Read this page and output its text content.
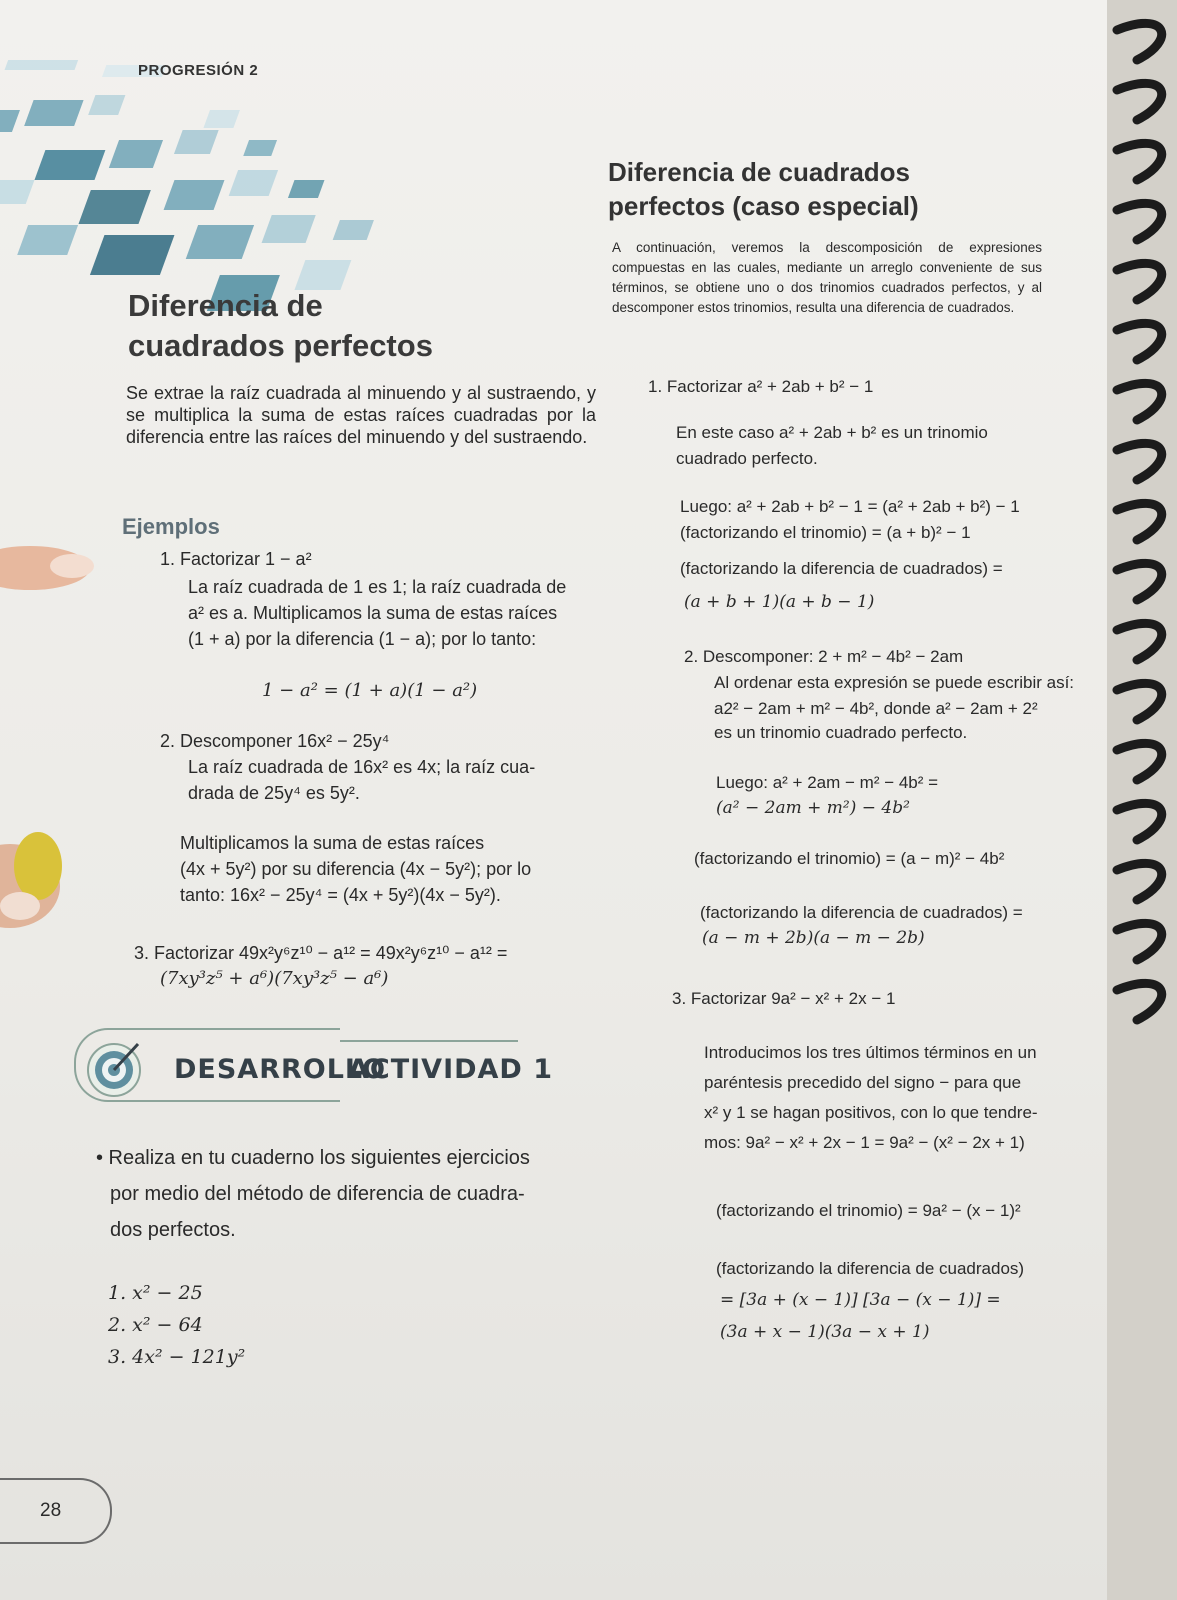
PROGRESIÓN 2
Diferencia de
cuadrados perfectos
Se extrae la raíz cuadrada al minuendo y al sustraendo, y se multiplica la suma de estas raíces cuadradas por la diferencia entre las raíces del minuendo y del sustraendo.
Ejemplos
1. Factorizar 1 − a²
La raíz cuadrada de 1 es 1; la raíz cuadrada de
a² es a. Multiplicamos la suma de estas raíces
(1 + a) por la diferencia (1 − a); por lo tanto:
1 − a² = (1 + a)(1 − a²)
2. Descomponer 16x² − 25y⁴
La raíz cuadrada de 16x² es 4x; la raíz cua-
drada de 25y⁴ es 5y².
Multiplicamos la suma de estas raíces
(4x + 5y²) por su diferencia (4x − 5y²); por lo
tanto: 16x² − 25y⁴ = (4x + 5y²)(4x − 5y²).
3. Factorizar 49x²y⁶z¹⁰ − a¹² = 49x²y⁶z¹⁰ − a¹² =
(7xy³z⁵ + a⁶)(7xy³z⁵ − a⁶)
Diferencia de cuadrados
perfectos (caso especial)
A continuación, veremos la descomposición de expresiones compuestas en las cuales, mediante un arreglo conveniente de sus términos, se obtiene uno o dos trinomios cuadrados perfectos, y al descomponer estos trinomios, resulta una diferencia de cuadrados.
1. Factorizar a² + 2ab + b² − 1
En este caso a² + 2ab + b² es un trinomio
cuadrado perfecto.
Luego: a² + 2ab + b² − 1 = (a² + 2ab + b²) − 1
(factorizando el trinomio) = (a + b)² − 1
(factorizando la diferencia de cuadrados) =
(a + b + 1)(a + b − 1)
2. Descomponer: 2 + m² − 4b² − 2am
Al ordenar esta expresión se puede escribir así:
a2² − 2am + m² − 4b², donde a² − 2am + 2²
es un trinomio cuadrado perfecto.
Luego: a² + 2am − m² − 4b² =
(a² − 2am + m²) − 4b²
(factorizando el trinomio) = (a − m)² − 4b²
(factorizando la diferencia de cuadrados) =
(a − m + 2b)(a − m − 2b)
3. Factorizar 9a² − x² + 2x − 1
Introducimos los tres últimos términos en un
paréntesis precedido del signo − para que
x² y 1 se hagan positivos, con lo que tendre-
mos: 9a² − x² + 2x − 1 = 9a² − (x² − 2x + 1)
(factorizando el trinomio) = 9a² − (x − 1)²
(factorizando la diferencia de cuadrados)
= [3a + (x − 1)] [3a − (x − 1)] =
(3a + x − 1)(3a − x + 1)
DESARROLLO
ACTIVIDAD 1
• Realiza en tu cuaderno los siguientes ejercicios
por medio del método de diferencia de cuadra-
dos perfectos.
1. x² − 25
2. x² − 64
3. 4x² − 121y²
28
